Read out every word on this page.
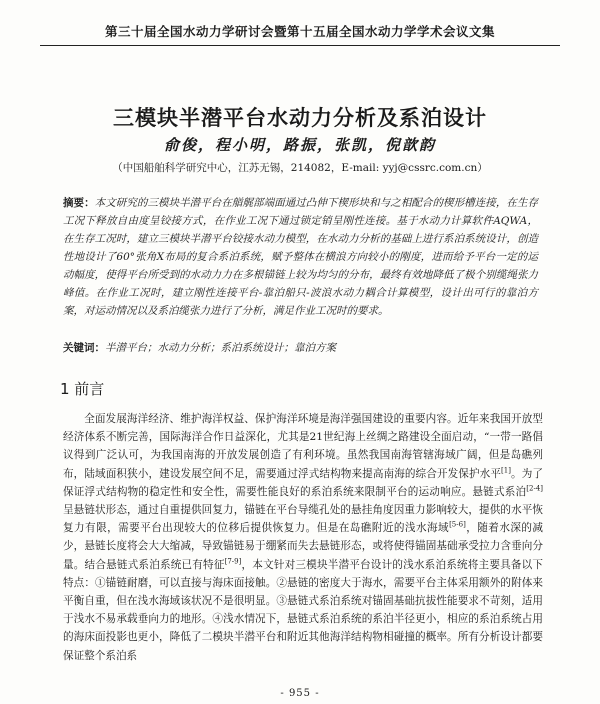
第三十届全国水动力学研讨会暨第十五届全国水动力学学术会议文集
三模块半潜平台水动力分析及系泊设计
俞俊，程小明，路振，张凯，倪歆韵
（中国船舶科学研究中心，江苏无锡，214082，E-mail: yyj@cssrc.com.cn）
摘要：本文研究的三模块半潜平台在艏艉部端面通过凸伸下楔形块和与之相配合的楔形槽连接，在生存工况下释放自由度呈铰接方式，在作业工况下通过锁定销呈刚性连接。基于水动力计算软件AQWA，在生存工况时，建立三模块半潜平台铰接水动力模型，在水动力分析的基础上进行系泊系统设计，创造性地设计了60°张角X布局的复合系泊系统，赋予整体在横浪方向较小的刚度，进而给予平台一定的运动幅度，使得平台所受到的水动力力在多根锚链上较为均匀的分布，最终有效地降低了极个别缆绳张力峰值。在作业工况时，建立刚性连接平台-靠泊船只-波浪水动力耦合计算模型，设计出可行的靠泊方案，对运动情况以及系泊缆张力进行了分析，满足作业工况时的要求。
关键词：半潜平台；水动力分析；系泊系统设计；靠泊方案
1 前言

全面发展海洋经济、维护海洋权益、保护海洋环境是海洋强国建设的重要内容。近年来我国开放型经济体系不断完善，国际海洋合作日益深化，尤其是21世纪海上丝绸之路建设全面启动，“一带一路倡议得到广泛认可，为我国南海的开放发展创造了有利环境。虽然我国南海管辖海域广阔，但是岛礁列布，陆域面积狭小，建设发展空间不足，需要通过浮式结构物来提高南海的综合开发保护水平[1]。为了保证浮式结构物的稳定性和安全性，需要性能良好的系泊系统来限制平台的运动响应。悬链式系泊[2-4]呈悬链状形态，通过自重提供回复力，锚链在平台导缆孔处的悬挂角度因重力影响较大，提供的水平恢复力有限，需要平台出现较大的位移后提供恢复力。但是在岛礁附近的浅水海域[5-6]，随着水深的减少，悬链长度将会大大缩减，导致锚链易于绷紧而失去悬链形态，或将使得锚固基础承受拉力含垂向分量。结合悬链式系泊系统已有特征[7-9]，本文针对三模块半潜平台设计的浅水系泊系统将主要具备以下特点：①锚链耐磨，可以直接与海床面接触。②悬链的密度大于海水，需要平台主体采用额外的附体来平衡自重，但在浅水海域该状况不是很明显。③悬链式系泊系统对锚固基础抗拔性能要求不苛刻，适用于浅水不易承载垂向力的地形。④浅水情况下，悬链式系泊系统的系泊半径更小，相应的系泊系统占用的海床面投影也更小，降低了二模块半潜平台和附近其他海洋结构物相碰撞的概率。所有分析设计都要保证整个系泊系

- 955 -
